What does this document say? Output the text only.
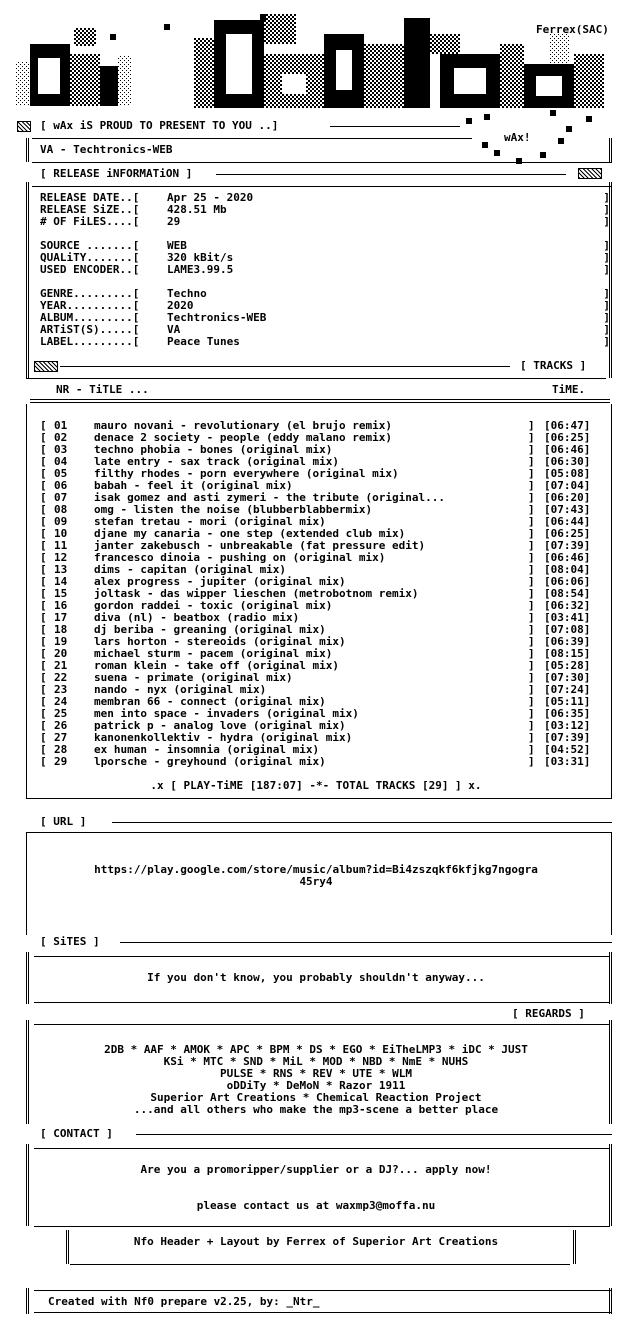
Ferrex(SAC)
[ wAx iS PROUD TO PRESENT TO YOU ..]
wAx!
VA - Techtronics-WEB
[ RELEASE iNFORMATiON ]
RELEASE DATE..[	Apr 25 - 2020	]
RELEASE SiZE..[	428.51 Mb	]
# OF FiLES....[	29	]
SOURCE .......[	WEB	]
QUALiTY.......[	320 kBit/s	]
USED ENCODER..[	LAME3.99.5	]
GENRE.........[	Techno	]
YEAR..........[	2020	]
ALBUM.........[	Techtronics-WEB	]
ARTiST(S).....[	VA	]
LABEL.........[	Peace Tunes	]
[ TRACKS ]
NR - TiTLE ...	TiME.
[ 01 mauro novani - revolutionary (el brujo remix)	] [06:47]
[ 02 denace 2 society - people (eddy malano remix)	] [06:25]
[ 03 techno phobia - bones (original mix)	] [06:46]
[ 04 late entry - sax track (original mix)	] [06:30]
[ 05 filthy rhodes - porn everywhere (original mix)	] [05:08]
[ 06 babah - feel it (original mix)	] [07:04]
[ 07 isak gomez and asti zymeri - the tribute (original...	] [06:20]
[ 08 omg - listen the noise (blubberblabbermix)	] [07:43]
[ 09 stefan tretau - mori (original mix)	] [06:44]
[ 10 djane my canaria - one step (extended club mix)	] [06:25]
[ 11 janter zakebusch - unbreakable (fat pressure edit)	] [07:39]
[ 12 francesco dinoia - pushing on (original mix)	] [06:46]
[ 13 dims - capitan (original mix)	] [08:04]
[ 14 alex progress - jupiter (original mix)	] [06:06]
[ 15 joltask - das wipper lieschen (metrobotnom remix)	] [08:54]
[ 16 gordon raddei - toxic (original mix)	] [06:32]
[ 17 diva (nl) - beatbox (radio mix)	] [03:41]
[ 18 dj beriba - greaning (original mix)	] [07:08]
[ 19 lars horton - stereoids (original mix)	] [06:39]
[ 20 michael sturm - pacem (original mix)	] [08:15]
[ 21 roman klein - take off (original mix)	] [05:28]
[ 22 suena - primate (original mix)	] [07:30]
[ 23 nando - nyx (original mix)	] [07:24]
[ 24 membran 66 - connect (original mix)	] [05:11]
[ 25 men into space - invaders (original mix)	] [06:35]
[ 26 patrick p - analog love (original mix)	] [03:12]
[ 27 kanonenkollektiv - hydra (original mix)	] [07:39]
[ 28 ex human - insomnia (original mix)	] [04:52]
[ 29 lporsche - greyhound (original mix)	] [03:31]
.x [ PLAY-TiME [187:07] -*- TOTAL TRACKS [29] ] x.
[ URL ]
https://play.google.com/store/music/album?id=Bi4zszqkf6kfjkg7ngogra
45ry4
[ SiTES ]
If you don't know, you probably shouldn't anyway...
[ REGARDS ]
2DB * AAF * AMOK * APC * BPM * DS * EGO * EiTheLMP3 * iDC * JUST
KSi * MTC * SND * MiL * MOD * NBD * NmE * NUHS
PULSE * RNS * REV * UTE * WLM
oDDiTy * DeMoN * Razor 1911
Superior Art Creations * Chemical Reaction Project
...and all others who make the mp3-scene a better place
[ CONTACT ]
Are you a promoripper/supplier or a DJ?... apply now!
please contact us at waxmp3@moffa.nu
Nfo Header + Layout by Ferrex of Superior Art Creations
Created with Nf0 prepare v2.25, by: _Ntr_
